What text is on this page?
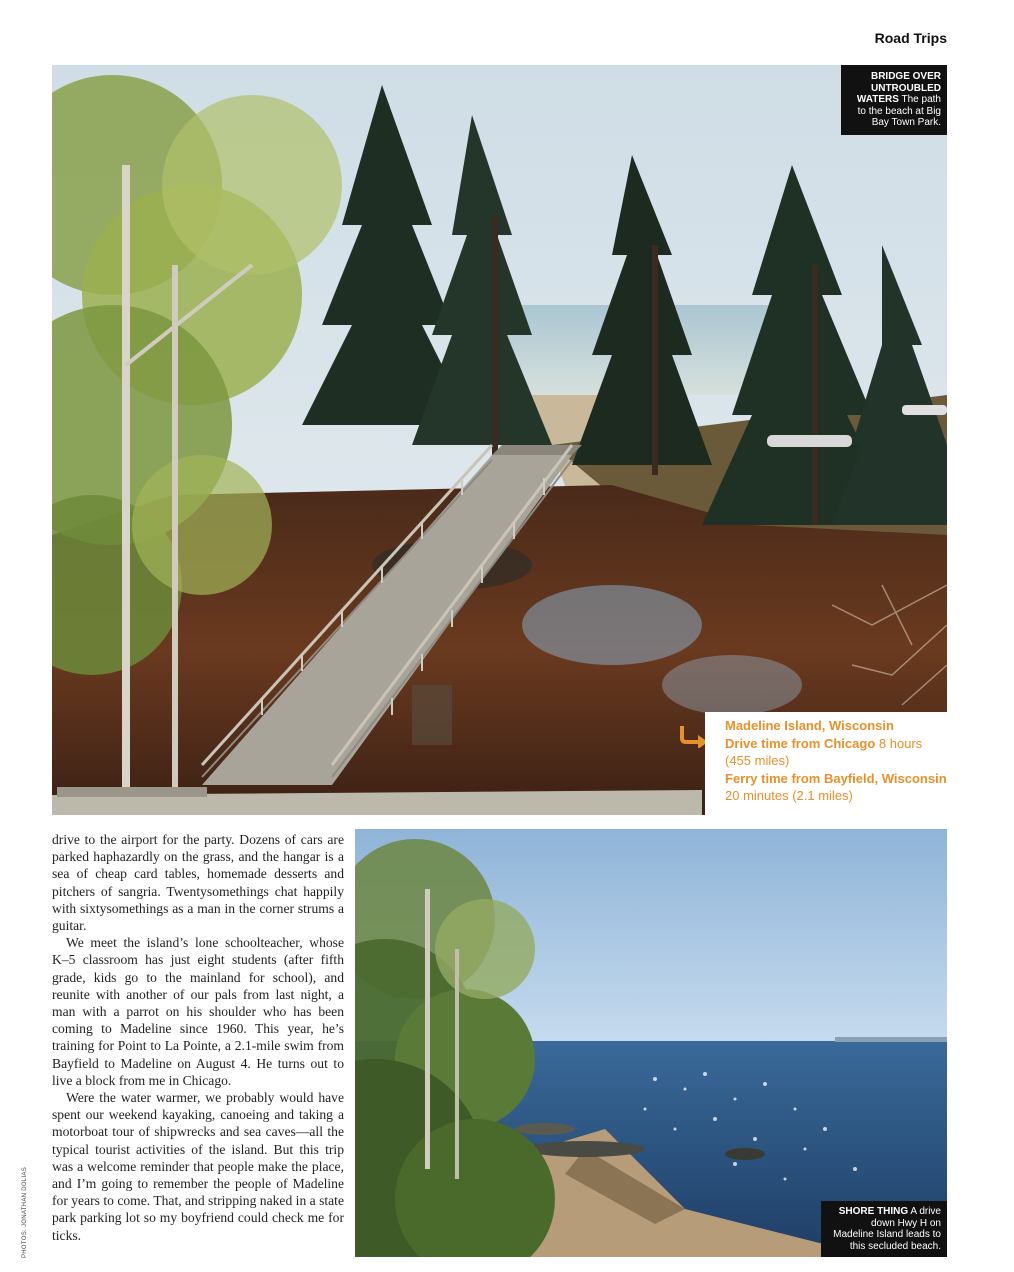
Road Trips
BRIDGE OVER UNTROUBLED WATERS The path to the beach at Big Bay Town Park.
Madeline Island, Wisconsin
Drive time from Chicago 8 hours
(455 miles)
Ferry time from Bayfield, Wisconsin
20 minutes (2.1 miles)

drive to the airport for the party. Dozens of cars are parked haphazardly on the grass, and the hangar is a sea of cheap card tables, homemade desserts and pitchers of sangria. Twentysomethings chat happily with sixtysomethings as a man in the corner strums a guitar.

We meet the island’s lone schoolteacher, whose K–5 classroom has just eight students (after fifth grade, kids go to the mainland for school), and reunite with another of our pals from last night, a man with a parrot on his shoulder who has been coming to Madeline since 1960. This year, he’s training for Point to La Pointe, a 2.1-mile swim from Bayfield to Madeline on August 4. He turns out to live a block from me in Chicago.

Were the water warmer, we probably would have spent our weekend kayaking, canoeing and taking a motorboat tour of shipwrecks and sea caves—all the typical tourist activities of the island. But this trip was a welcome reminder that people make the place, and I’m going to remember the people of Madeline for years to come. That, and stripping naked in a state park parking lot so my boyfriend could check me for ticks.

PHOTOS: JONATHAN DOLIAS	SHORE THING A drive down Hwy H on Madeline Island leads to this secluded beach.
